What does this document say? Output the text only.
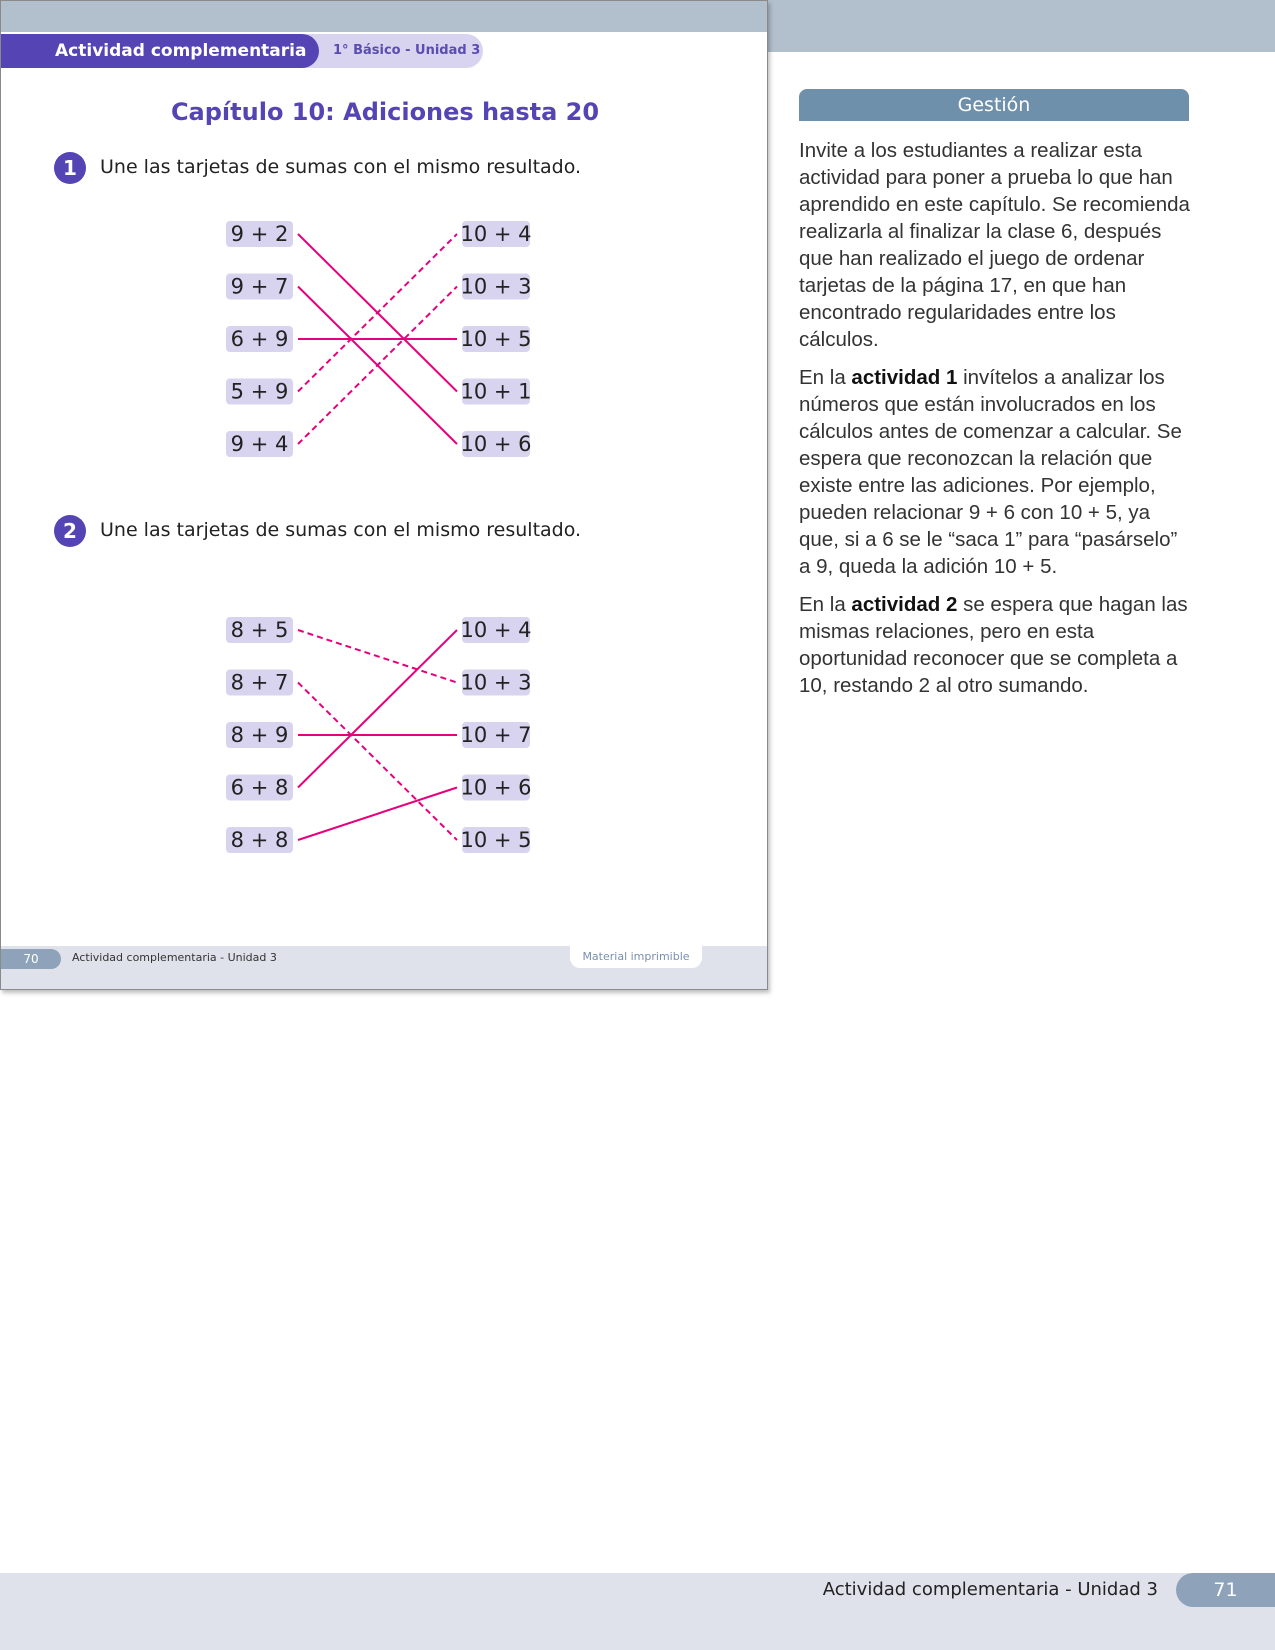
1° Básico - Unidad 3
Actividad complementaria
Capítulo 10: Adiciones hasta 20
1	Une las tarjetas de sumas con el mismo resultado.
2	Une las tarjetas de sumas con el mismo resultado.
9 + 2
9 + 7
6 + 9
5 + 9
9 + 4
10 + 4
10 + 3
10 + 5
10 + 1
10 + 6
8 + 5
8 + 7
8 + 9
6 + 8
8 + 8
10 + 4
10 + 3
10 + 7
10 + 6
10 + 5
70	Actividad complementaria - Unidad 3	Material imprimible
Gestión

Invite a los estudiantes a realizar esta actividad para poner a prueba lo que han aprendido en este capítulo. Se recomienda realizarla al finalizar la clase 6, después que han realizado el juego de ordenar tarjetas de la página 17, en que han encontrado regularidades entre los cálculos.

En la actividad 1 invítelos a analizar los números que están involucrados en los cálculos antes de comenzar a calcular. Se espera que reconozcan la relación que existe entre las adiciones. Por ejemplo, pueden relacionar 9 + 6 con 10 + 5, ya que, si a 6 se le “saca 1” para “pasárselo” a 9, queda la adición 10 + 5.

En la actividad 2 se espera que hagan las mismas relaciones, pero en esta oportunidad reconocer que se completa a 10, restando 2 al otro sumando.

Actividad complementaria - Unidad 3	71
